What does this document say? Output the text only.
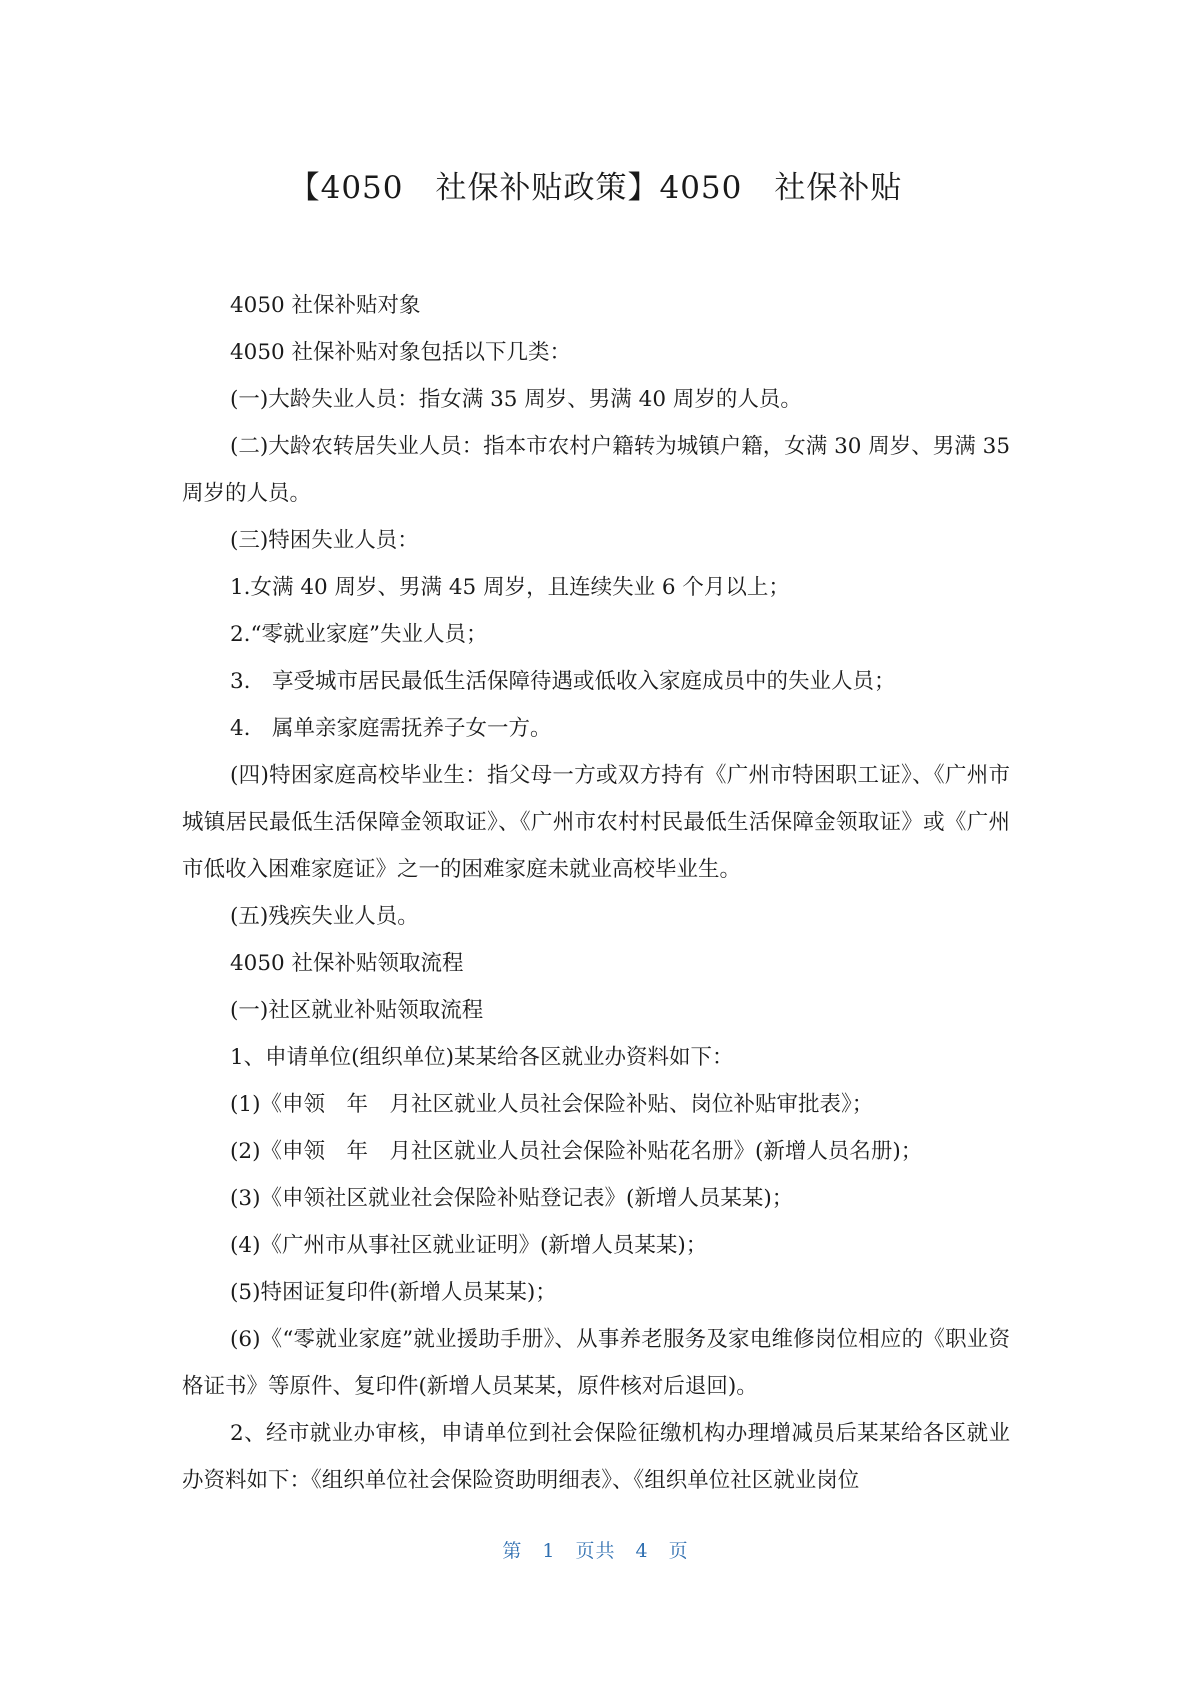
【4050　社保补贴政策】4050　社保补贴

4050 社保补贴对象

4050 社保补贴对象包括以下几类：

(一)大龄失业人员：指女满 35 周岁、男满 40 周岁的人员。

(二)大龄农转居失业人员：指本市农村户籍转为城镇户籍，女满 30 周岁、男满 35 周岁的人员。

(三)特困失业人员：

1.女满 40 周岁、男满 45 周岁，且连续失业 6 个月以上；

2.“零就业家庭”失业人员；

3.　享受城市居民最低生活保障待遇或低收入家庭成员中的失业人员；

4.　属单亲家庭需抚养子女一方。

(四)特困家庭高校毕业生：指父母一方或双方持有《广州市特困职工证》、《广州市城镇居民最低生活保障金领取证》、《广州市农村村民最低生活保障金领取证》或《广州市低收入困难家庭证》之一的困难家庭未就业高校毕业生。

(五)残疾失业人员。

4050 社保补贴领取流程

(一)社区就业补贴领取流程

1、申请单位(组织单位)某某给各区就业办资料如下：

(1)《申领　年　月社区就业人员社会保险补贴、岗位补贴审批表》；

(2)《申领　年　月社区就业人员社会保险补贴花名册》(新增人员名册)；

(3)《申领社区就业社会保险补贴登记表》(新增人员某某)；

(4)《广州市从事社区就业证明》(新增人员某某)；

(5)特困证复印件(新增人员某某)；

(6)《“零就业家庭”就业援助手册》、从事养老服务及家电维修岗位相应的《职业资格证书》等原件、复印件(新增人员某某，原件核对后退回)。

2、经市就业办审核，申请单位到社会保险征缴机构办理增减员后某某给各区就业办资料如下：《组织单位社会保险资助明细表》、《组织单位社区就业岗位

第　1　页共　4　页
